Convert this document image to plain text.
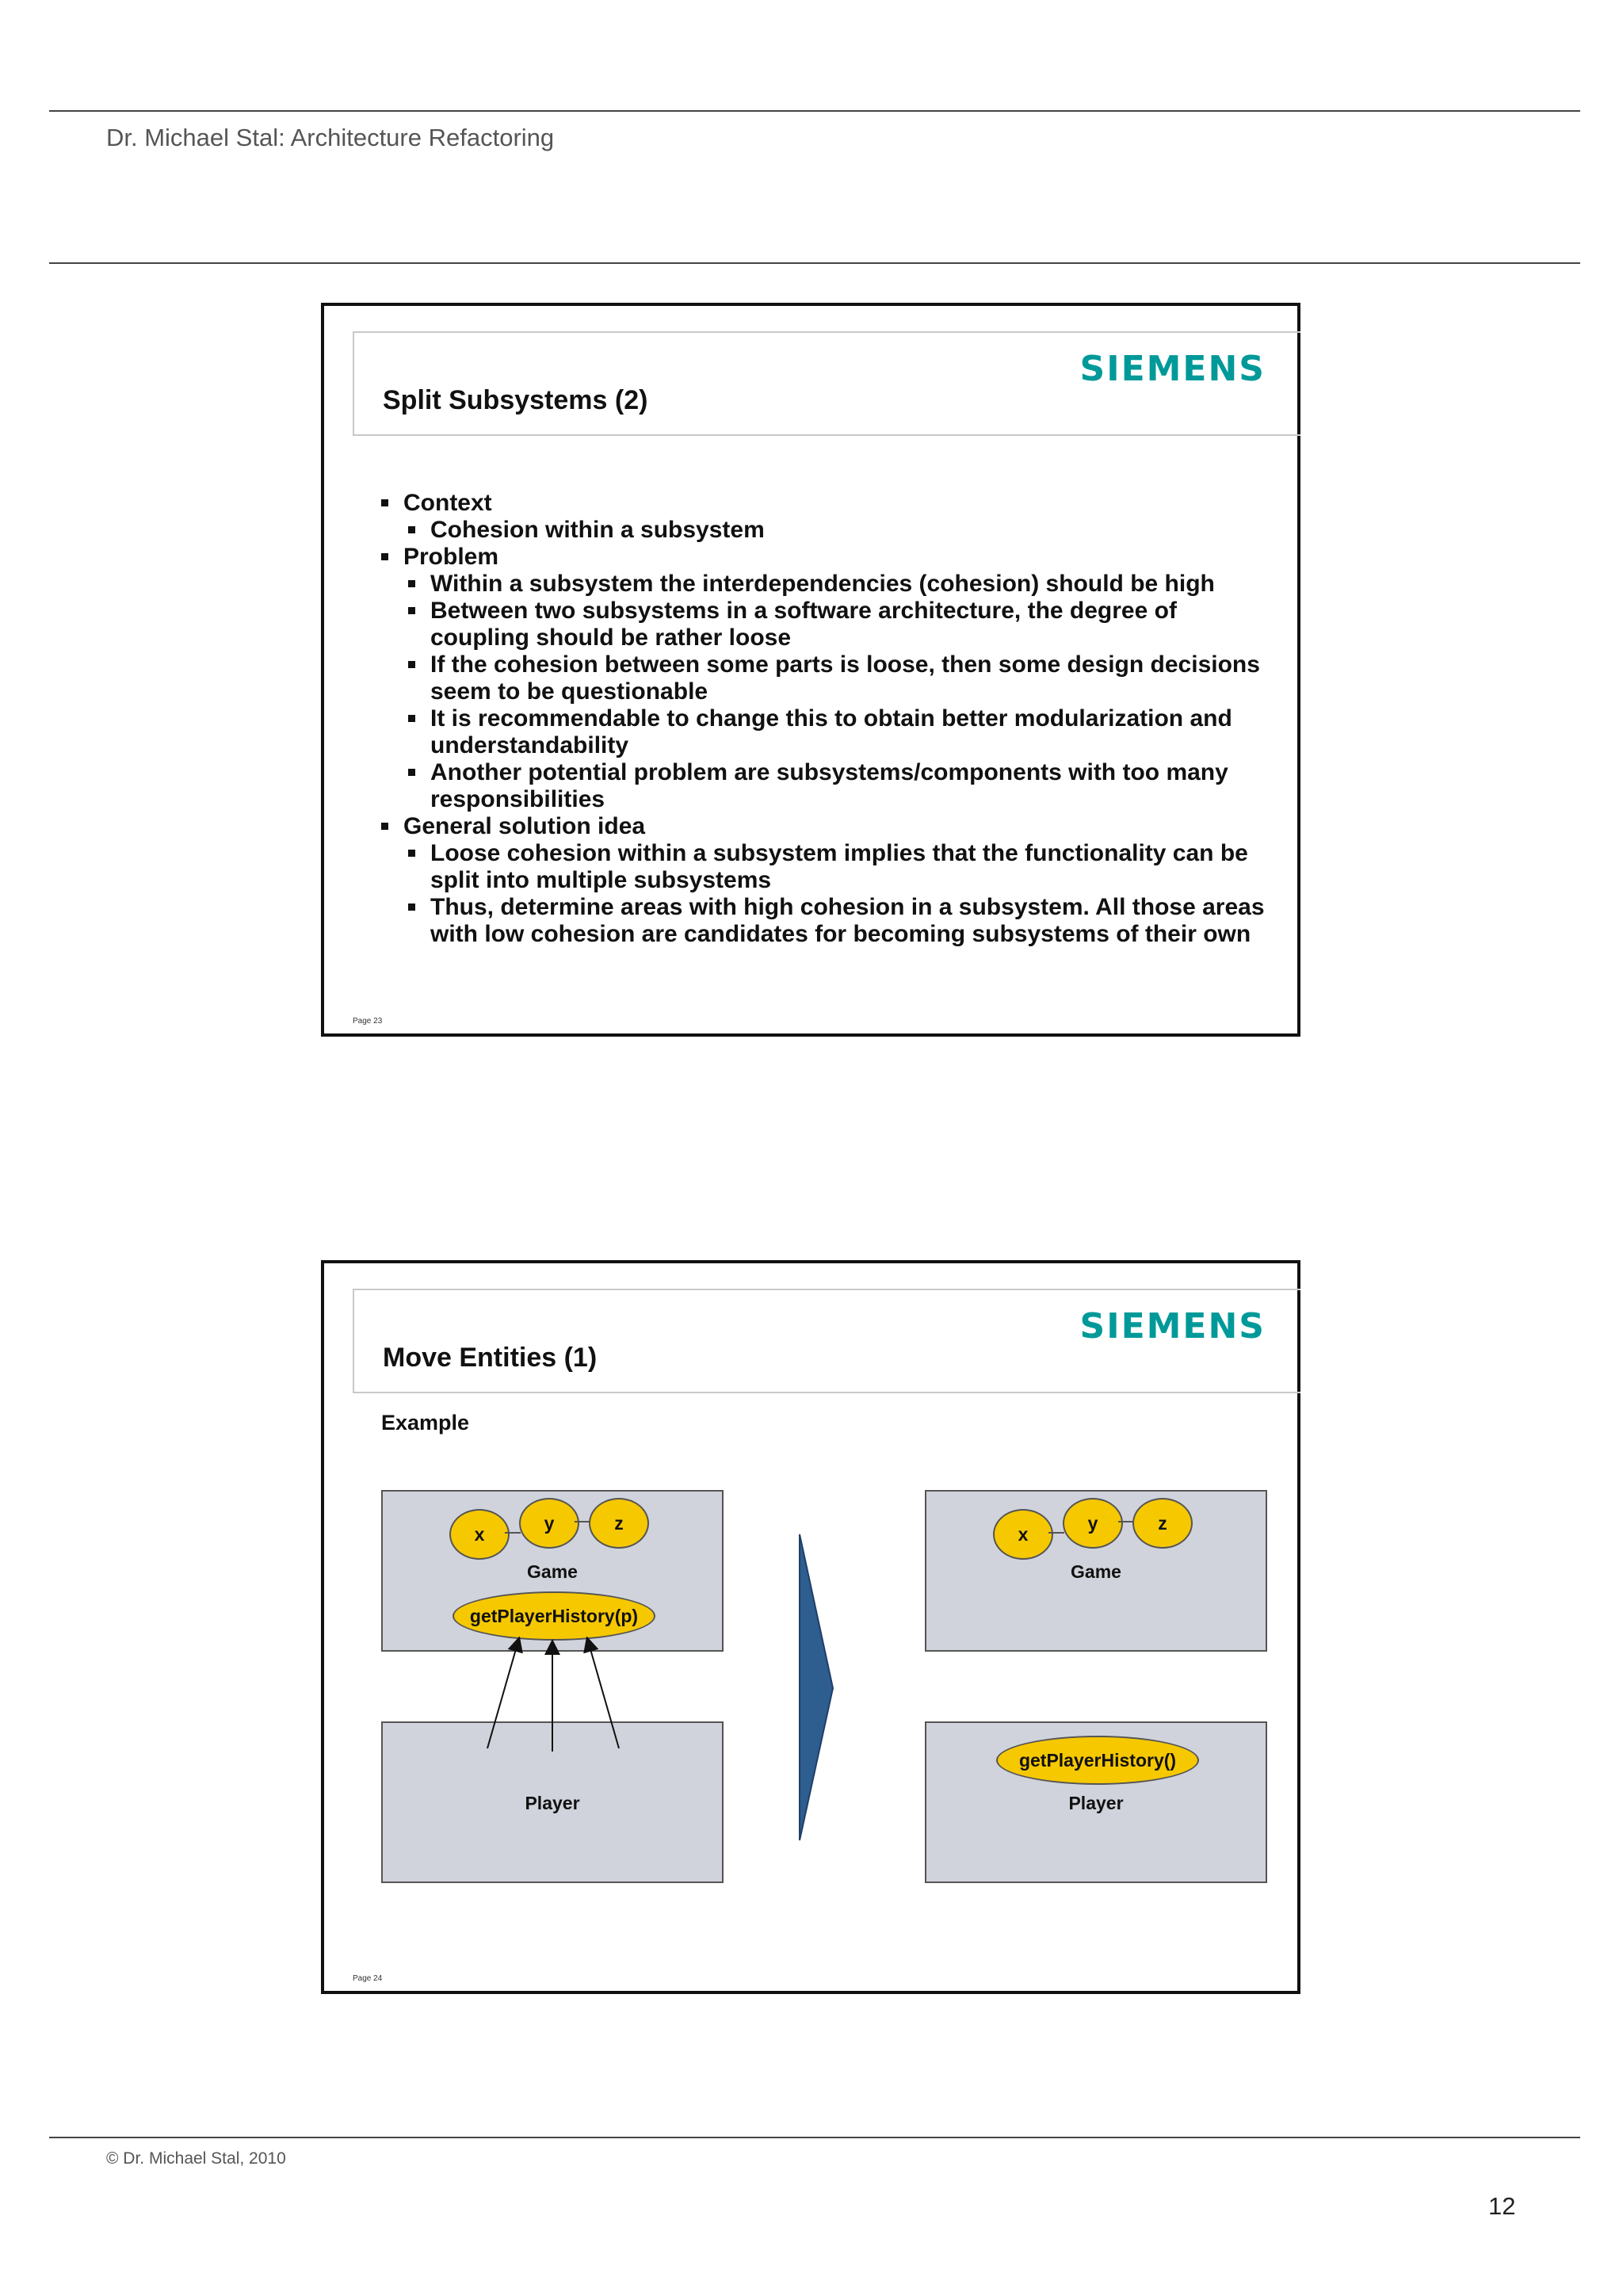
Dr. Michael Stal: Architecture Refactoring
SIEMENS
Split Subsystems (2)
Context
Cohesion within a subsystem
Problem
Within a subsystem the interdependencies (cohesion) should be high
Between two subsystems in a software architecture, the degree of coupling should be rather loose
If the cohesion between some parts is loose, then some design decisions seem to be questionable
It is recommendable to change this to obtain better modularization and understandability
Another potential problem are subsystems/components with too many responsibilities
General solution idea
Loose cohesion within a subsystem implies that the functionality can be split into multiple subsystems
Thus, determine areas with high cohesion in a subsystem. All those areas with low cohesion are candidates for becoming subsystems of their own
Page 23
SIEMENS
Move Entities (1)
Example
x
y	z
Game
getPlayerHistory(p)
Player
x
y	z
Game
getPlayerHistory()
Player
Page 24
© Dr. Michael Stal, 2010
12
